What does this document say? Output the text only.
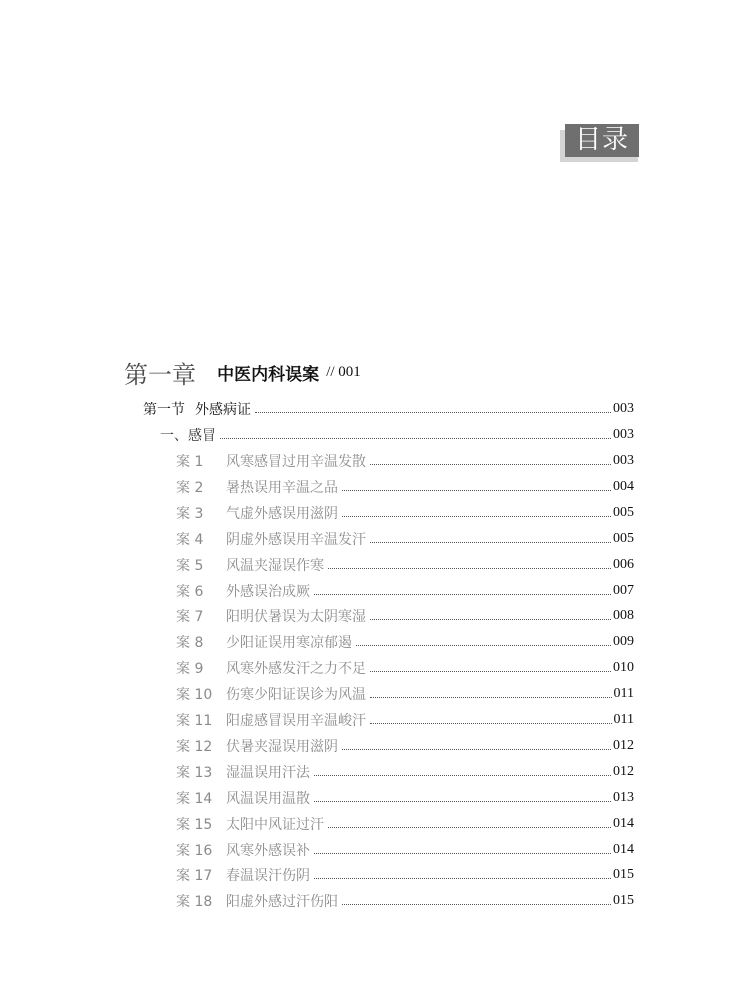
目录
第一章 中医内科误案 // 001
第一节 外感病证	003
一、感冒	003
案 1 风寒感冒过用辛温发散	003
案 2 暑热误用辛温之品	004
案 3 气虚外感误用滋阴	005
案 4 阴虚外感误用辛温发汗	005
案 5 风温夹湿误作寒	006
案 6 外感误治成厥	007
案 7 阳明伏暑误为太阴寒湿	008
案 8 少阳证误用寒凉郁遏	009
案 9 风寒外感发汗之力不足	010
案 10 伤寒少阳证误诊为风温	011
案 11 阳虚感冒误用辛温峻汗	011
案 12 伏暑夹湿误用滋阴	012
案 13 湿温误用汗法	012
案 14 风温误用温散	013
案 15 太阳中风证过汗	014
案 16 风寒外感误补	014
案 17 春温误汗伤阴	015
案 18 阳虚外感过汗伤阳	015
